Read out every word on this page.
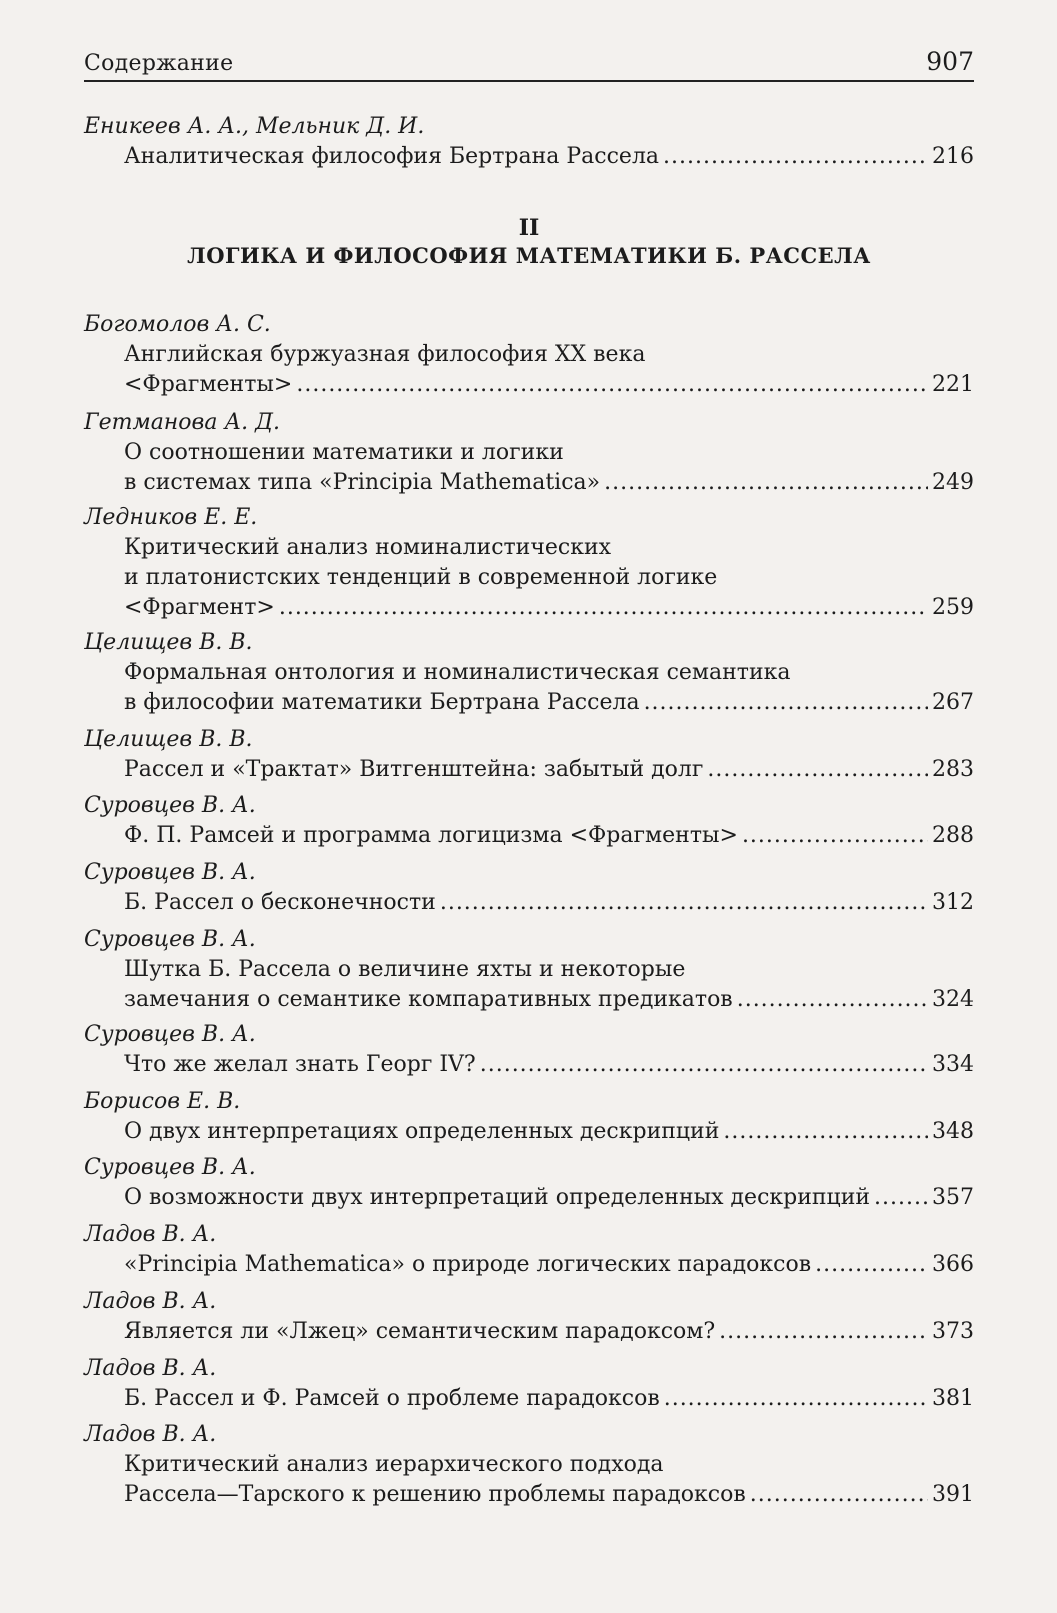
Содержание	907
II
ЛОГИКА И ФИЛОСОФИЯ МАТЕМАТИКИ Б. РАССЕЛА
Еникеев А. А., Мельник Д. И.
Аналитическая философия Бертрана Рассела .....	216
Богомолов А. С.
Английская буржуазная философия XX века
<Фрагменты> .....	221
Гетманова А. Д.
О соотношении математики и логики
в системах типа «Principia Mathematica» .....	249
Ледников Е. Е.
Критический анализ номиналистических
и платонистских тенденций в современной логике
<Фрагмент> .....	259
Целищев В. В.
Формальная онтология и номиналистическая семантика
в философии математики Бертрана Рассела .....	267
Целищев В. В.
Рассел и «Трактат» Витгенштейна: забытый долг .....	283
Суровцев В. А.
Ф. П. Рамсей и программа логицизма <Фрагменты> .....	288
Суровцев В. А.
Б. Рассел о бесконечности .....	312
Суровцев В. А.
Шутка Б. Рассела о величине яхты и некоторые
замечания о семантике компаративных предикатов .....	324
Суровцев В. А.
Что же желал знать Георг IV? .....	334
Борисов Е. В.
О двух интерпретациях определенных дескрипций .....	348
Суровцев В. А.
О возможности двух интерпретаций определенных дескрипций .....	357
Ладов В. А.
«Principia Mathematica» о природе логических парадоксов .....	366
Ладов В. А.
Является ли «Лжец» семантическим парадоксом? .....	373
Ладов В. А.
Б. Рассел и Ф. Рамсей о проблеме парадоксов .....	381
Ладов В. А.
Критический анализ иерархического подхода
Рассела—Тарского к решению проблемы парадоксов .....	391
